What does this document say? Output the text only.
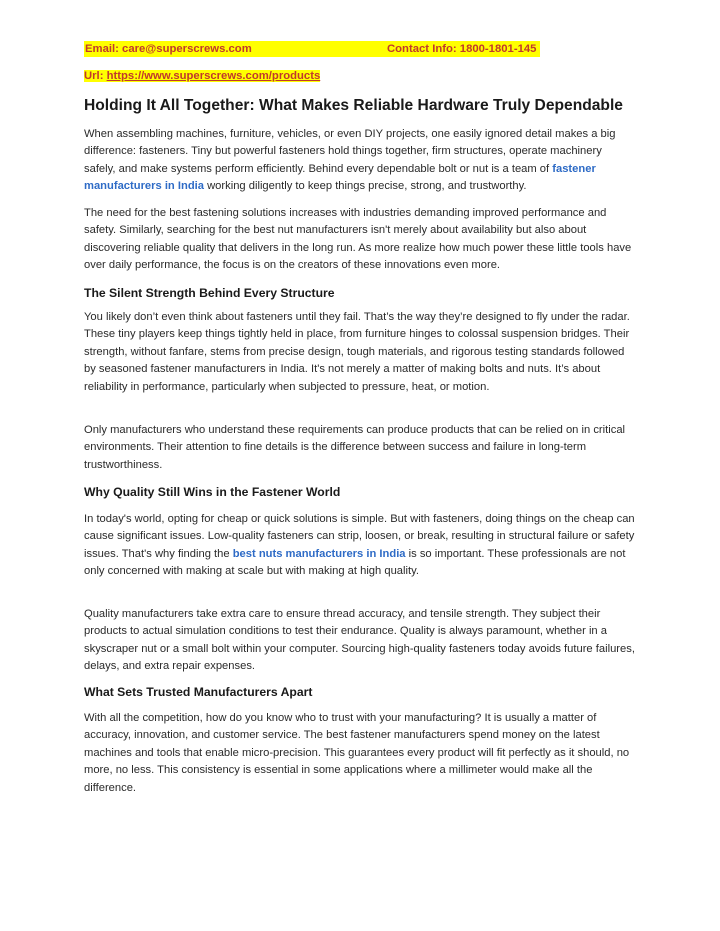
Email: care@superscrews.com	Contact Info: 1800-1801-145
Url: https://www.superscrews.com/products
Holding It All Together: What Makes Reliable Hardware Truly Dependable

When assembling machines, furniture, vehicles, or even DIY projects, one easily ignored detail makes a big difference: fasteners. Tiny but powerful fasteners hold things together, firm structures, operate machinery safely, and make systems perform efficiently. Behind every dependable bolt or nut is a team of fastener manufacturers in India working diligently to keep things precise, strong, and trustworthy.

The need for the best fastening solutions increases with industries demanding improved performance and safety. Similarly, searching for the best nut manufacturers isn't merely about availability but also about discovering reliable quality that delivers in the long run. As more realize how much power these little tools have over daily performance, the focus is on the creators of these innovations even more.

The Silent Strength Behind Every Structure

You likely don’t even think about fasteners until they fail. That’s the way they’re designed to fly under the radar. These tiny players keep things tightly held in place, from furniture hinges to colossal suspension bridges. Their strength, without fanfare, stems from precise design, tough materials, and rigorous testing standards followed by seasoned fastener manufacturers in India. It's not merely a matter of making bolts and nuts. It’s about reliability in performance, particularly when subjected to pressure, heat, or motion.

Only manufacturers who understand these requirements can produce products that can be relied on in critical environments. Their attention to fine details is the difference between success and failure in long-term trustworthiness.

Why Quality Still Wins in the Fastener World

In today's world, opting for cheap or quick solutions is simple. But with fasteners, doing things on the cheap can cause significant issues. Low-quality fasteners can strip, loosen, or break, resulting in structural failure or safety issues. That's why finding the best nuts manufacturers in India is so important. These professionals are not only concerned with making at scale but with making at high quality.

Quality manufacturers take extra care to ensure thread accuracy, and tensile strength. They subject their products to actual simulation conditions to test their endurance. Quality is always paramount, whether in a skyscraper nut or a small bolt within your computer. Sourcing high-quality fasteners today avoids future failures, delays, and extra repair expenses.

What Sets Trusted Manufacturers Apart

With all the competition, how do you know who to trust with your manufacturing? It is usually a matter of accuracy, innovation, and customer service. The best fastener manufacturers spend money on the latest machines and tools that enable micro-precision. This guarantees every product will fit perfectly as it should, no more, no less. This consistency is essential in some applications where a millimeter would make all the difference.
